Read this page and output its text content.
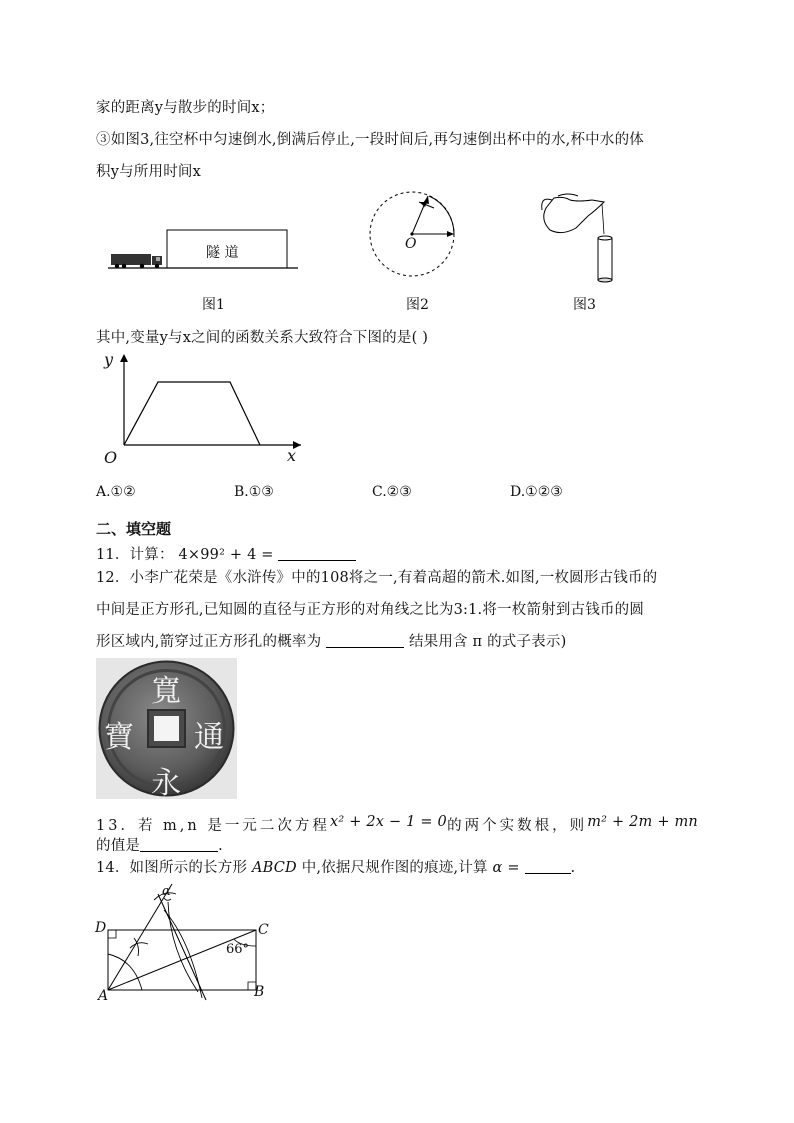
家的距离y与散步的时间x；
③如图3,往空杯中匀速倒水,倒满后停止,一段时间后,再匀速倒出杯中的水,杯中水的体
积y与所用时间x
隧 道
图1
O
图2	图3
其中,变量y与x之间的函数关系大致符合下图的是( )
y
x
O
A.①②	B.①③	C.②③	D.①②③
二、填空题
11．计算： 4×99² + 4 =
12．小李广花荣是《水浒传》中的108将之一,有着高超的箭术.如图,一枚圆形古钱币的
中间是正方形孔,已知圆的直径与正方形的对角线之比为3:1.将一枚箭射到古钱币的圆
形区域内,箭穿过正方形孔的概率为	结果用含 π 的式子表示)
寬
通
永
寶
13．若 m,n 是一元二次方程 x² + 2x − 1 = 0 的两个实数根，则 m² + 2m + mn
的值是	.
14．如图所示的长方形 ABCD 中,依据尺规作图的痕迹,计算 α =	.
D	C
A	B
α
66°
